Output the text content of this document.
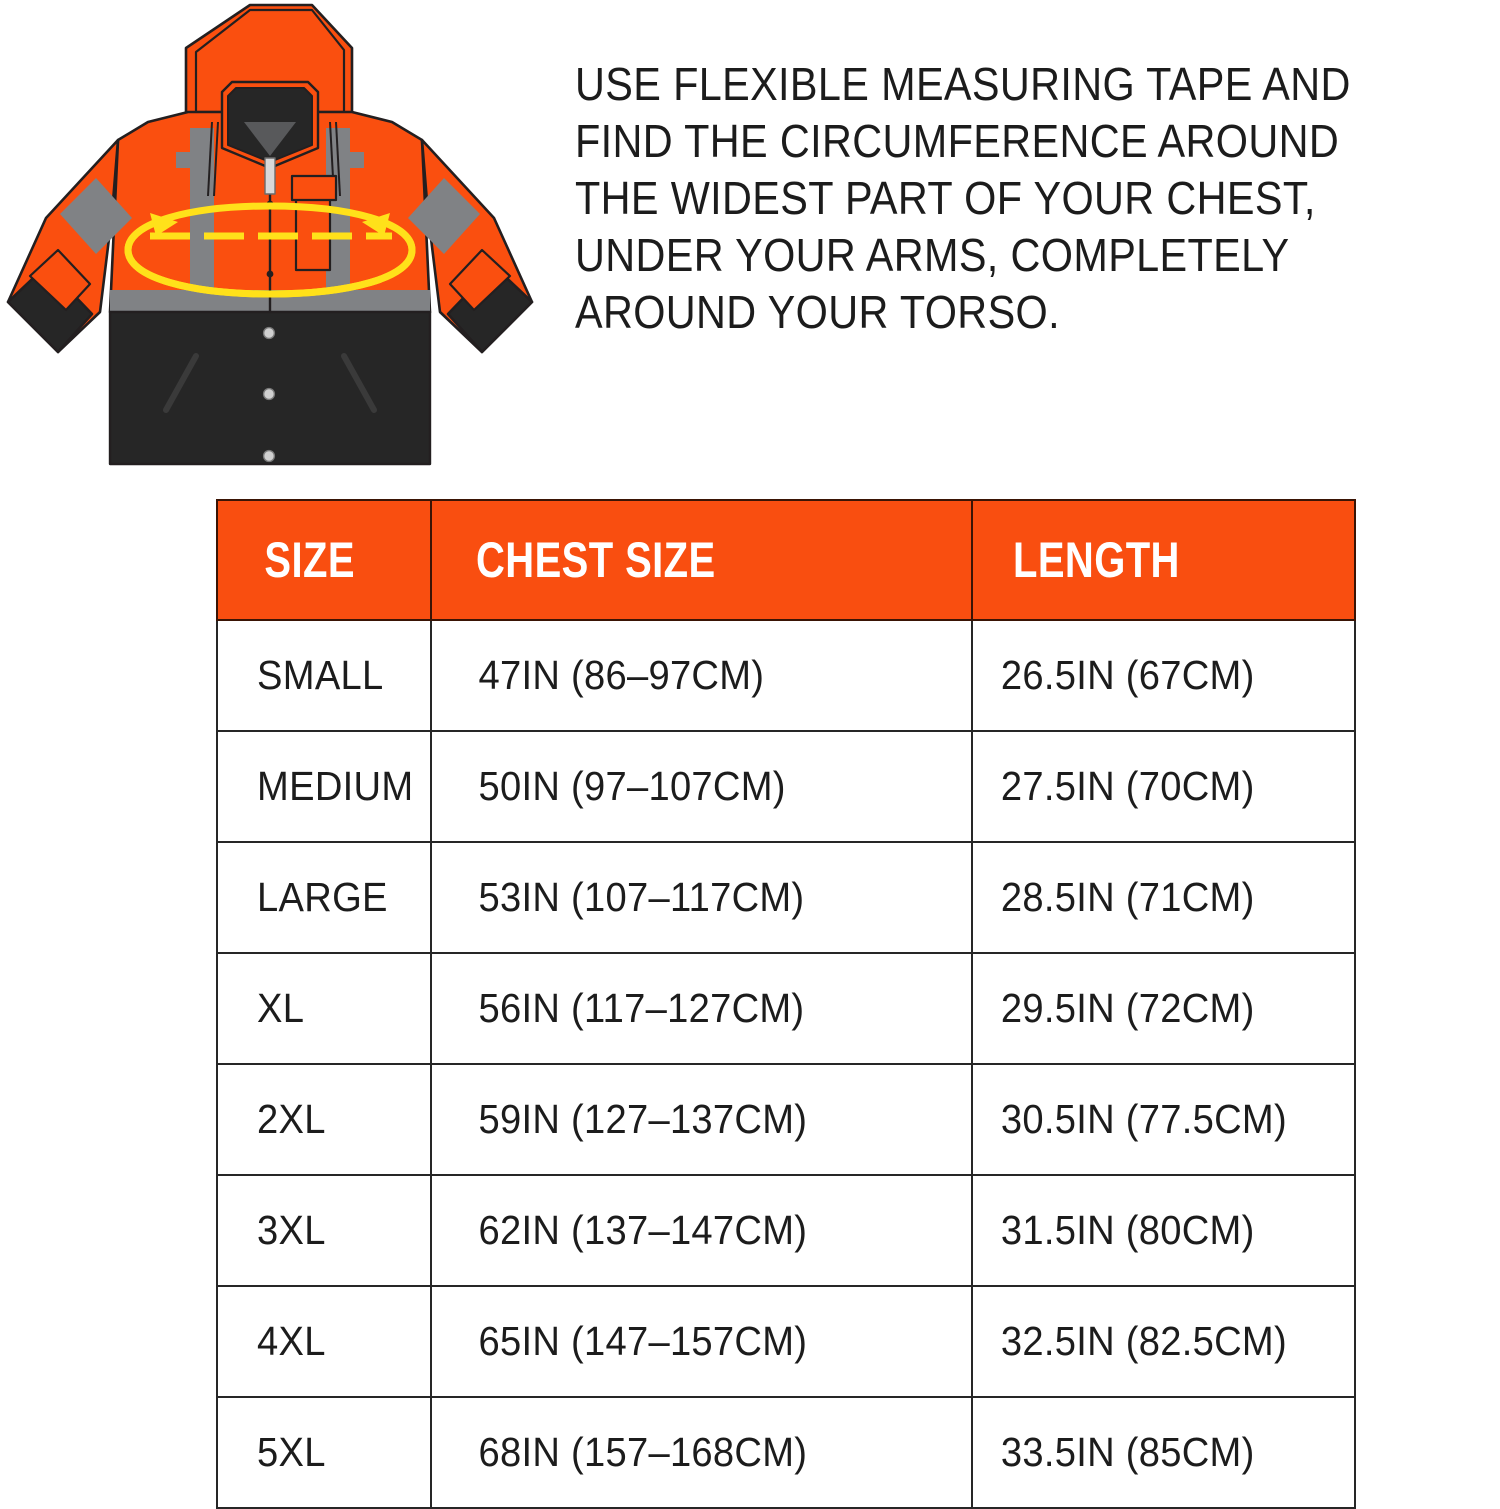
USE FLEXIBLE MEASURING TAPE AND

FIND THE CIRCUMFERENCE AROUND

THE WIDEST PART OF YOUR CHEST,

UNDER YOUR ARMS, COMPLETELY

AROUND YOUR TORSO.

SIZE	CHEST SIZE	LENGTH

SMALL	47IN (86–97CM)	26.5IN (67CM)

MEDIUM	50IN (97–107CM)	27.5IN (70CM)

LARGE	53IN (107–117CM)	28.5IN (71CM)

XL	56IN (117–127CM)	29.5IN (72CM)

2XL	59IN (127–137CM)	30.5IN (77.5CM)

3XL	62IN (137–147CM)	31.5IN (80CM)

4XL	65IN (147–157CM)	32.5IN (82.5CM)

5XL	68IN (157–168CM)	33.5IN (85CM)
